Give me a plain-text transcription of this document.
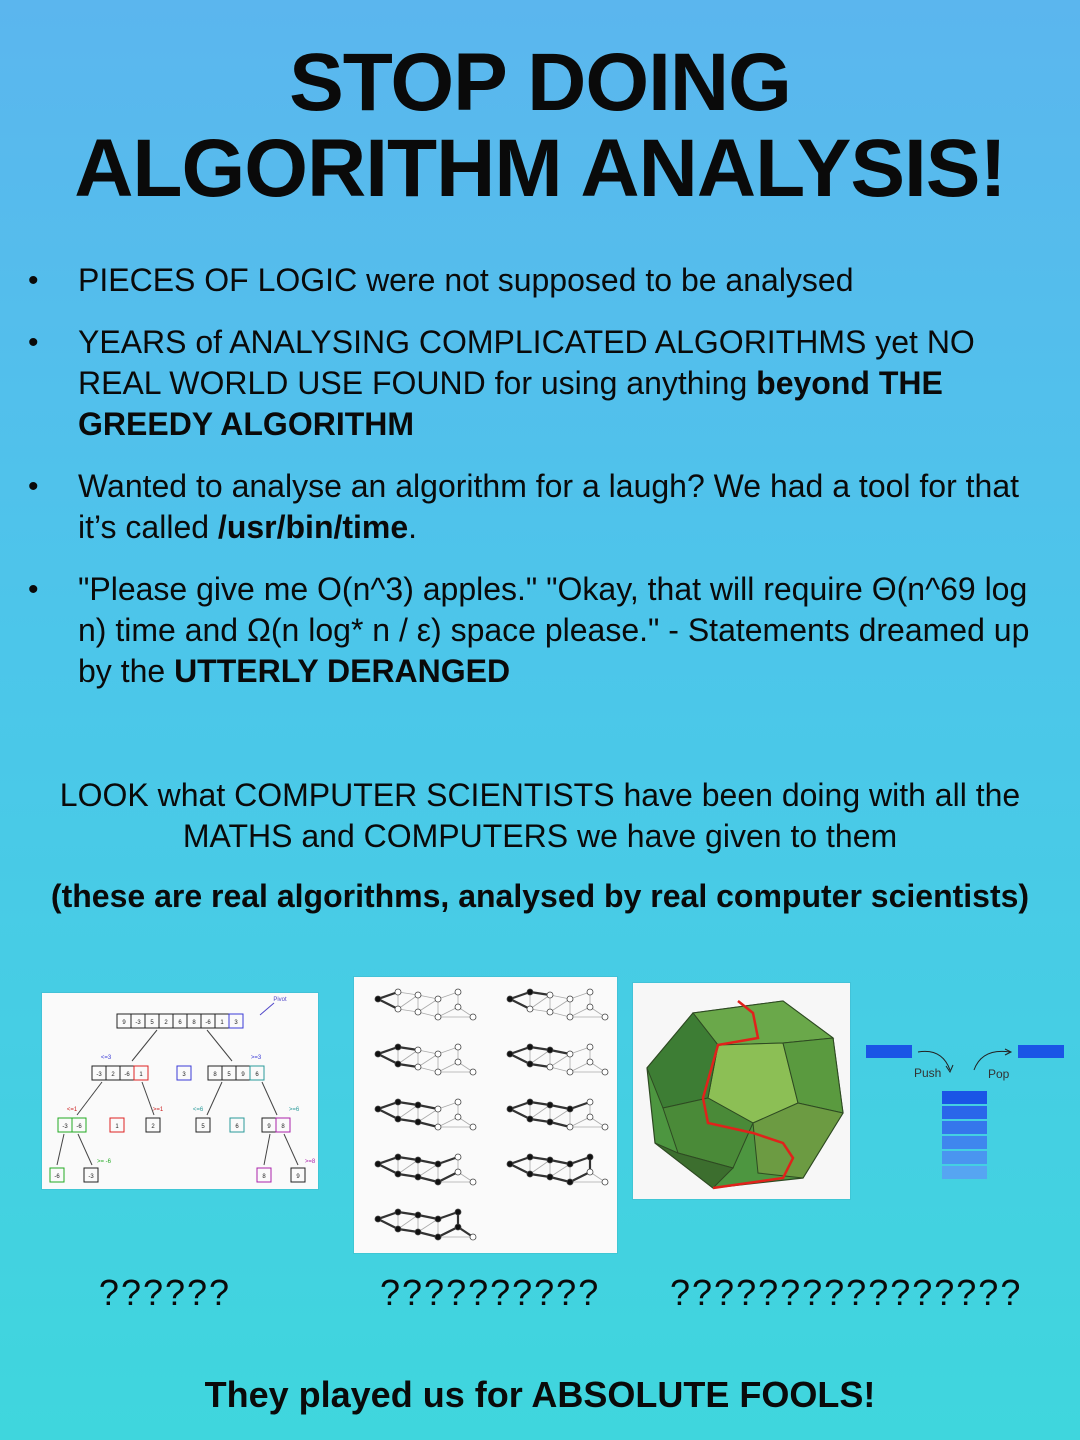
STOP DOING
ALGORITHM ANALYSIS!
• PIECES OF LOGIC were not supposed to be analysed
• YEARS of ANALYSING COMPLICATED ALGORITHMS yet NO REAL WORLD USE FOUND for using anything beyond THE GREEDY ALGORITHM
• Wanted to analyse an algorithm for a laugh? We had a tool for that it’s called /usr/bin/time.
• "Please give me O(n^3) apples." "Okay, that will require Θ(n^69 log n) time and Ω(n log* n / ε) space please." - Statements dreamed up by the UTTERLY DERANGED
LOOK what COMPUTER SCIENTISTS have been doing with all the MATHS and COMPUTERS we have given to them
(these are real algorithms, analysed by real computer scientists)
Pivot
9 -3 5 2 6 8 -6 1 3
<=3	>=3
-3 2 -6 1	3	8 5 9 6
<=1	>=1	<=6	>=6
-3 -6	1	2	5	6	9 8
>= -6	>=8
-6	-3	8	9
Push	Pop
??????	?????????? ????????????????
They played us for ABSOLUTE FOOLS!
